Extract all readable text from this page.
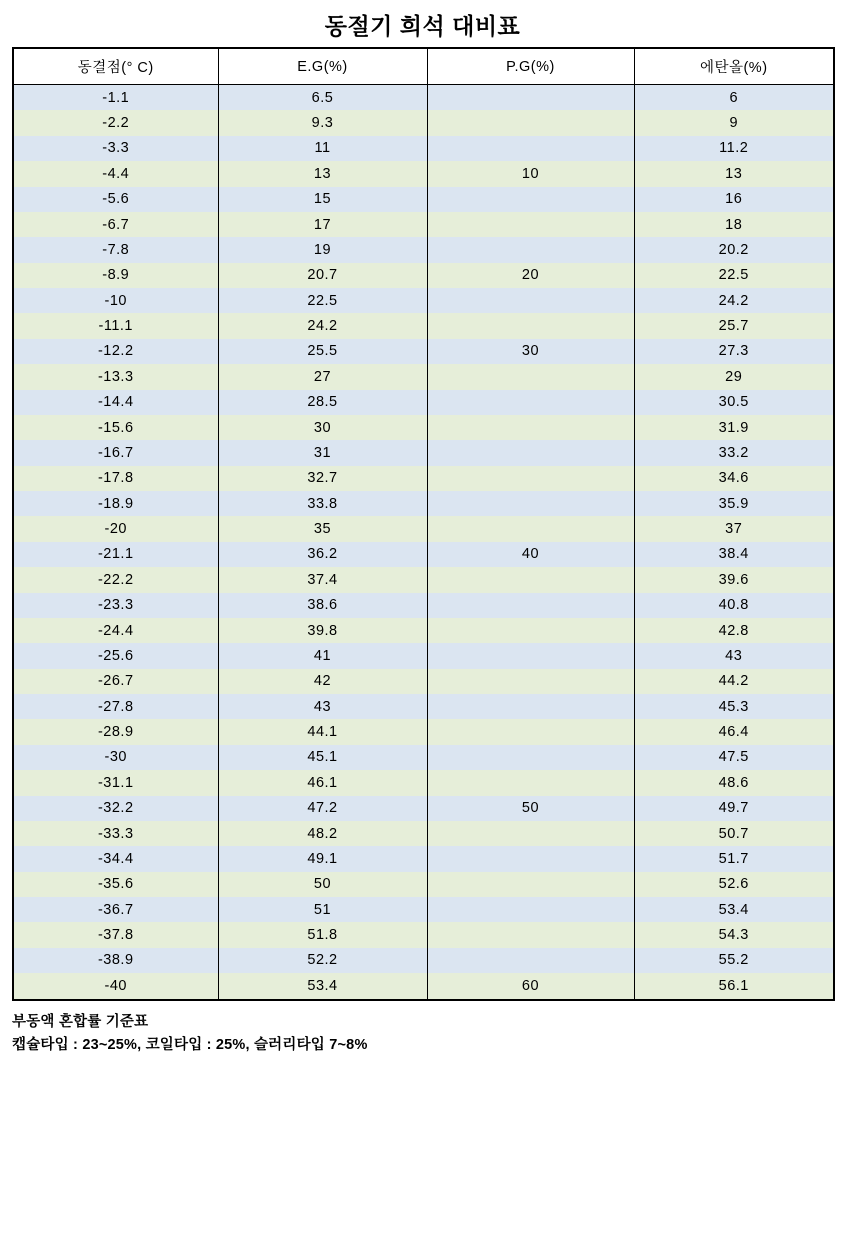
동절기 희석 대비표
동결점(° C)	E.G(%)	P.G(%)	에탄올(%)
-1.1	6.5		6
-2.2	9.3		9
-3.3	11		11.2
-4.4	13	10	13
-5.6	15		16
-6.7	17		18
-7.8	19		20.2
-8.9	20.7	20	22.5
-10	22.5		24.2
-11.1	24.2		25.7
-12.2	25.5	30	27.3
-13.3	27		29
-14.4	28.5		30.5
-15.6	30		31.9
-16.7	31		33.2
-17.8	32.7		34.6
-18.9	33.8		35.9
-20	35		37
-21.1	36.2	40	38.4
-22.2	37.4		39.6
-23.3	38.6		40.8
-24.4	39.8		42.8
-25.6	41		43
-26.7	42		44.2
-27.8	43		45.3
-28.9	44.1		46.4
-30	45.1		47.5
-31.1	46.1		48.6
-32.2	47.2	50	49.7
-33.3	48.2		50.7
-34.4	49.1		51.7
-35.6	50		52.6
-36.7	51		53.4
-37.8	51.8		54.3
-38.9	52.2		55.2
-40	53.4	60	56.1
부동액 혼합률 기준표
캡슐타입 : 23~25%, 코일타입 : 25%, 슬러리타입 7~8%
